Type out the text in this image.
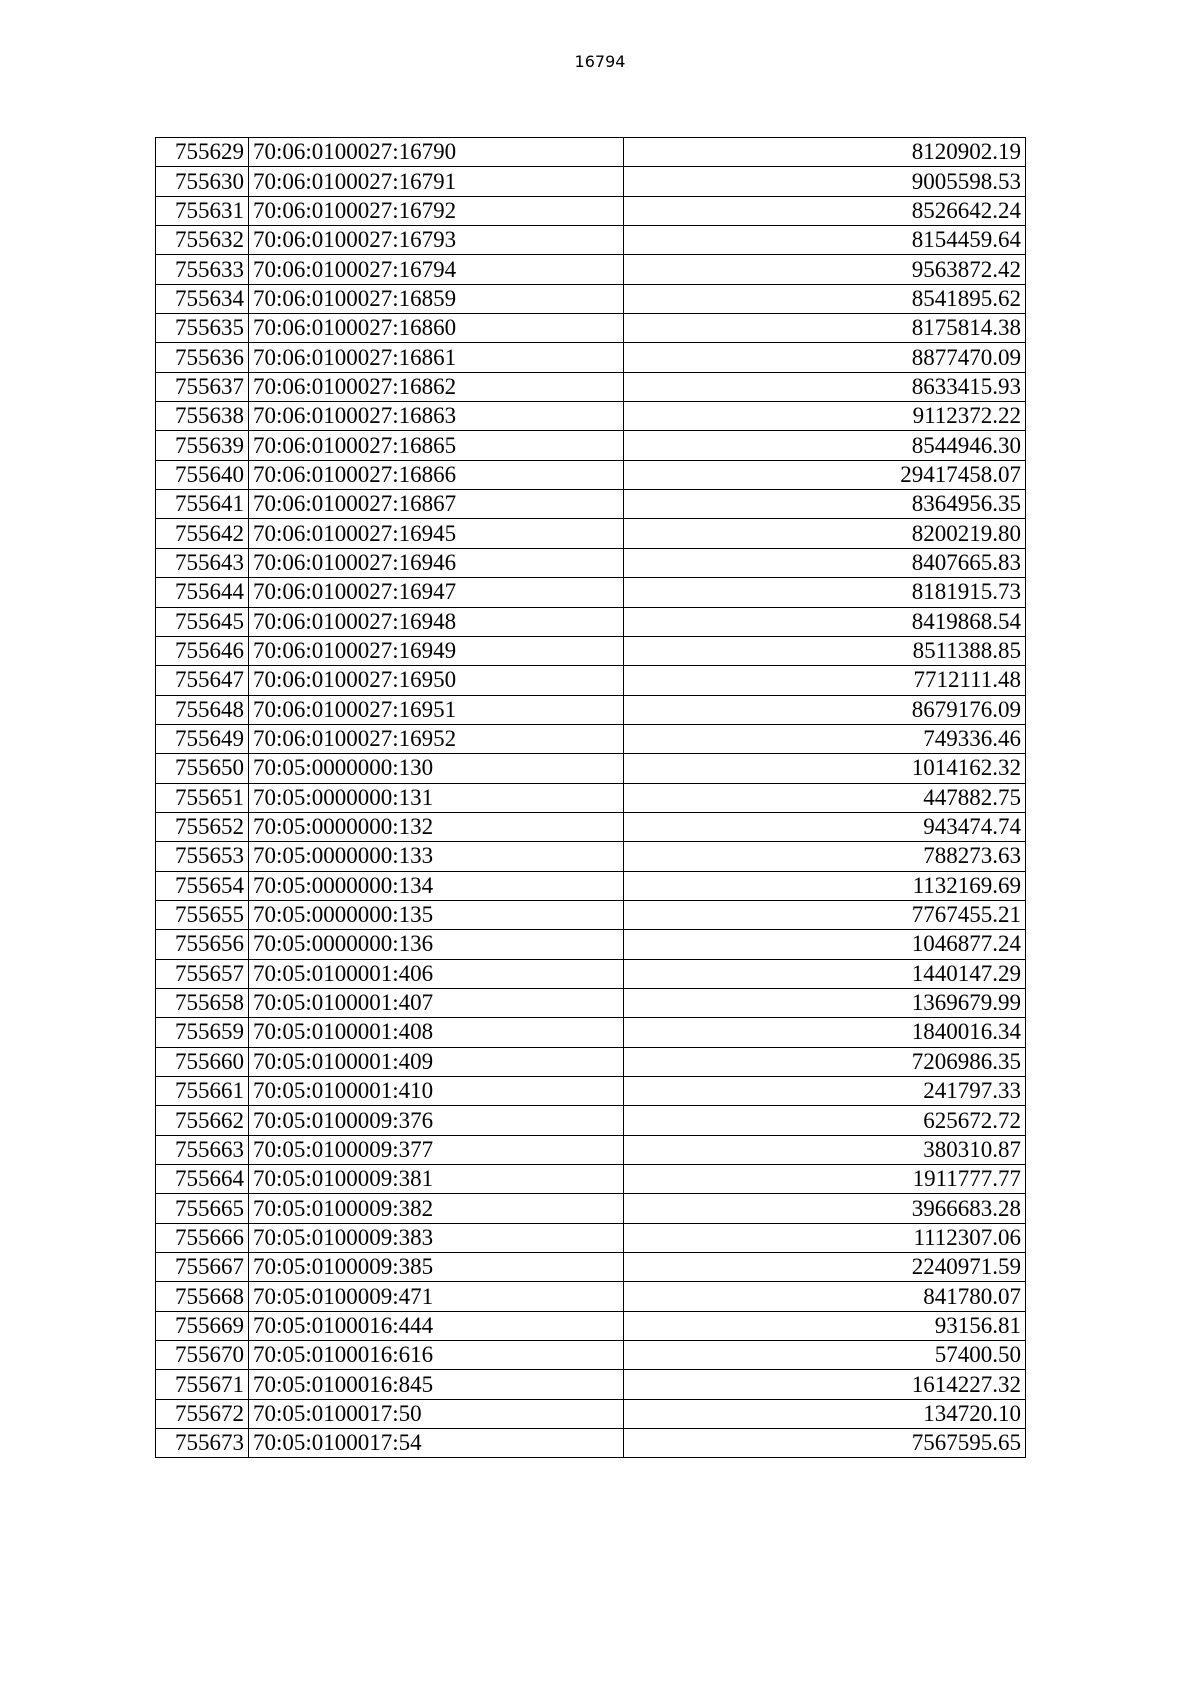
16794
755629	70:06:0100027:16790	8120902.19
755630	70:06:0100027:16791	9005598.53
755631	70:06:0100027:16792	8526642.24
755632	70:06:0100027:16793	8154459.64
755633	70:06:0100027:16794	9563872.42
755634	70:06:0100027:16859	8541895.62
755635	70:06:0100027:16860	8175814.38
755636	70:06:0100027:16861	8877470.09
755637	70:06:0100027:16862	8633415.93
755638	70:06:0100027:16863	9112372.22
755639	70:06:0100027:16865	8544946.30
755640	70:06:0100027:16866	29417458.07
755641	70:06:0100027:16867	8364956.35
755642	70:06:0100027:16945	8200219.80
755643	70:06:0100027:16946	8407665.83
755644	70:06:0100027:16947	8181915.73
755645	70:06:0100027:16948	8419868.54
755646	70:06:0100027:16949	8511388.85
755647	70:06:0100027:16950	7712111.48
755648	70:06:0100027:16951	8679176.09
755649	70:06:0100027:16952	749336.46
755650	70:05:0000000:130	1014162.32
755651	70:05:0000000:131	447882.75
755652	70:05:0000000:132	943474.74
755653	70:05:0000000:133	788273.63
755654	70:05:0000000:134	1132169.69
755655	70:05:0000000:135	7767455.21
755656	70:05:0000000:136	1046877.24
755657	70:05:0100001:406	1440147.29
755658	70:05:0100001:407	1369679.99
755659	70:05:0100001:408	1840016.34
755660	70:05:0100001:409	7206986.35
755661	70:05:0100001:410	241797.33
755662	70:05:0100009:376	625672.72
755663	70:05:0100009:377	380310.87
755664	70:05:0100009:381	1911777.77
755665	70:05:0100009:382	3966683.28
755666	70:05:0100009:383	1112307.06
755667	70:05:0100009:385	2240971.59
755668	70:05:0100009:471	841780.07
755669	70:05:0100016:444	93156.81
755670	70:05:0100016:616	57400.50
755671	70:05:0100016:845	1614227.32
755672	70:05:0100017:50	134720.10
755673	70:05:0100017:54	7567595.65
